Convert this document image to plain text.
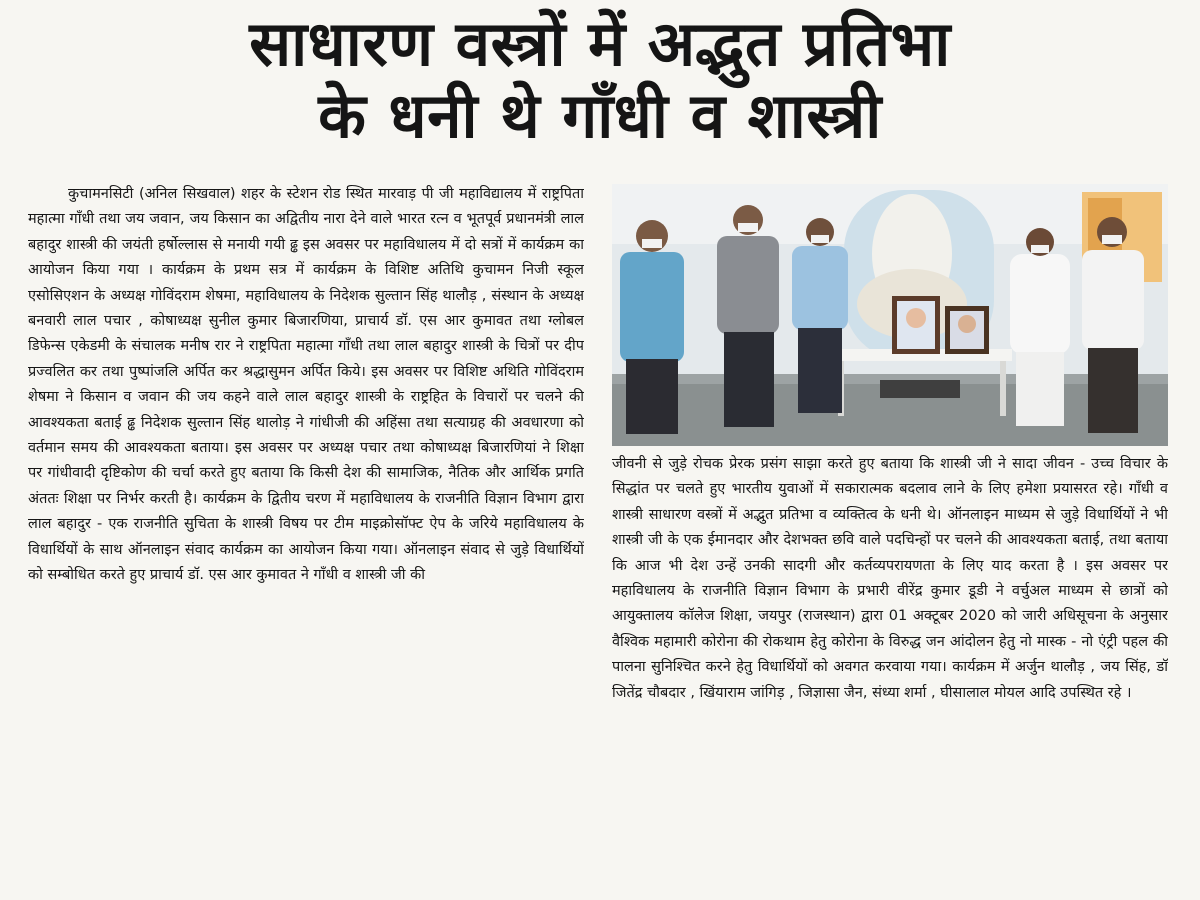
साधारण वस्त्रों में अद्भुत प्रतिभा
के धनी थे गाँधी व शास्त्री

कुचामनसिटी (अनिल सिखवाल) शहर के स्टेशन रोड स्थित मारवाड़ पी जी महाविद्यालय में राष्ट्रपिता महात्मा गाँधी तथा जय जवान, जय किसान का अद्वितीय नारा देने वाले भारत रत्न व भूतपूर्व प्रधानमंत्री लाल बहादुर शास्त्री की जयंती हर्षोल्लास से मनायी गयी ढ्ढ इस अवसर पर महाविधालय में दो सत्रों में कार्यक्रम का आयोजन किया गया । कार्यक्रम के प्रथम सत्र में कार्यक्रम के विशिष्ट अतिथि कुचामन निजी स्कूल एसोसिएशन के अध्यक्ष गोविंदराम शेषमा, महाविधालय के निदेशक सुल्तान सिंह थालौड़ , संस्थान के अध्यक्ष बनवारी लाल पचार , कोषाध्यक्ष सुनील कुमार बिजारणिया, प्राचार्य डॉ. एस आर कुमावत तथा ग्लोबल डिफेन्स एकेडमी के संचालक मनीष रार ने राष्ट्रपिता महात्मा गाँधी तथा लाल बहादुर शास्त्री के चित्रों पर दीप प्रज्वलित कर तथा पुष्पांजलि अर्पित कर श्रद्धासुमन अर्पित किये। इस अवसर पर विशिष्ट अथिति गोविंदराम शेषमा ने किसान व जवान की जय कहने वाले लाल बहादुर शास्त्री के राष्ट्रहित के विचारों पर चलने की आवश्यकता बताई ढ्ढ निदेशक सुल्तान सिंह थालोड़ ने गांधीजी की अहिंसा तथा सत्याग्रह की अवधारणा को वर्तमान समय की आवश्यकता बताया। इस अवसर पर अध्यक्ष पचार तथा कोषाध्यक्ष बिजारणियां ने शिक्षा पर गांधीवादी दृष्टिकोण की चर्चा करते हुए बताया कि किसी देश की सामाजिक, नैतिक और आर्थिक प्रगति अंततः शिक्षा पर निर्भर करती है। कार्यक्रम के द्वितीय चरण में महाविधालय के राजनीति विज्ञान विभाग द्वारा लाल बहादुर - एक राजनीति सुचिता के शास्त्री विषय पर टीम माइक्रोसॉफ्ट ऐप के जरिये महाविधालय के विधार्थियों के साथ ऑनलाइन संवाद कार्यक्रम का आयोजन किया गया। ऑनलाइन संवाद से जुड़े विधार्थियों को सम्बोधित करते हुए प्राचार्य डॉ. एस आर कुमावत ने गाँधी व शास्त्री जी की

जीवनी से जुड़े रोचक प्रेरक प्रसंग साझा करते हुए बताया कि शास्त्री जी ने सादा जीवन - उच्च विचार के सिद्धांत पर चलते हुए भारतीय युवाओं में सकारात्मक बदलाव लाने के लिए हमेशा प्रयासरत रहे। गाँधी व शास्त्री साधारण वस्त्रों में अद्भुत प्रतिभा व व्यक्तित्व के धनी थे। ऑनलाइन माध्यम से जुड़े विधार्थियों ने भी शास्त्री जी के एक ईमानदार और देशभक्त छवि वाले पदचिन्हों पर चलने की आवश्यकता बताई, तथा बताया कि आज भी देश उन्हें उनकी सादगी और कर्तव्यपरायणता के लिए याद करता है । इस अवसर पर महाविधालय के राजनीति विज्ञान विभाग के प्रभारी वीरेंद्र कुमार डूडी ने वर्चुअल माध्यम से छात्रों को आयुक्तालय कॉलेज शिक्षा, जयपुर (राजस्थान) द्वारा 01 अक्टूबर 2020 को जारी अधिसूचना के अनुसार वैश्विक महामारी कोरोना की रोकथाम हेतु कोरोना के विरुद्ध जन आंदोलन हेतु नो मास्क - नो एंट्री पहल की पालना सुनिश्चित करने हेतु विधार्थियों को अवगत करवाया गया। कार्यक्रम में अर्जुन थालौड़ , जय सिंह, डॉ जितेंद्र चौबदार , खिंयाराम जांगिड़ , जिज्ञासा जैन, संध्या शर्मा , घीसालाल मोयल आदि उपस्थित रहे ।
